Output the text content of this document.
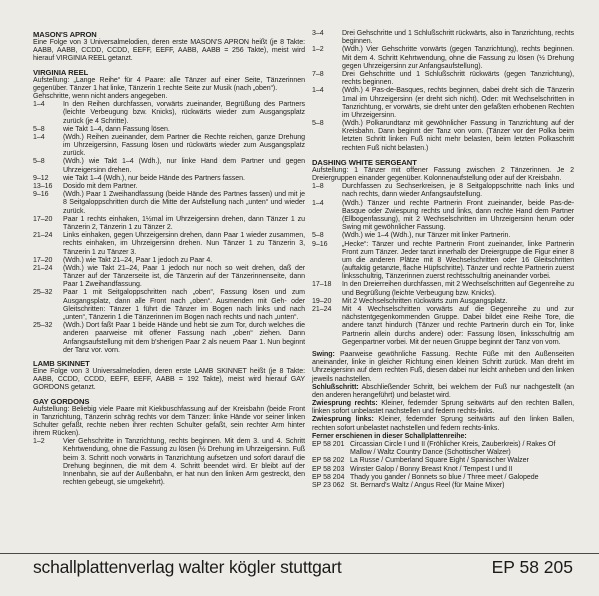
MASON'S APRON
Eine Folge von 3 Universalmelodien, deren erste MASON'S APRON heißt (je 8 Takte: AABB, AABB, CCDD, CCDD, EEFF, EEFF, AABB, AABB = 256 Takte), meist wird hierauf VIRGINIA REEL getanzt.
VIRGINIA REEL
Aufstellung: „Lange Reihe“ für 4 Paare: alle Tänzer auf einer Seite, Tänzerinnen gegenüber. Tänzer 1 hat linke, Tänzerin 1 rechte Seite zur Musik (nach „oben“).
Gehschritte, wenn nicht anders angegeben.
1–4	In den Reihen durchfassen, vorwärts zueinander, Begrüßung des Partners (leichte Verbeugung bzw. Knicks), rückwärts wieder zum Ausgangsplatz zurück (je 4 Schritte).
5–8	wie Takt 1–4, dann Fassung lösen.
1–4	(Wdh.) Reihen zueinander, dem Partner die Rechte reichen, ganze Drehung im Uhrzeigersinn, Fassung lösen und rückwärts wieder zum Ausgangsplatz zurück.
5–8	(Wdh.) wie Takt 1–4 (Wdh.), nur linke Hand dem Partner und gegen Uhrzeigersinn drehen.
9–12	wie Takt 1–4 (Wdh.), nur beide Hände des Partners fassen.
13–16	Dosido mit dem Partner.
9–16	(Wdh.) Paar 1 Zweihandfassung (beide Hände des Partnes fassen) und mit je 8 Seitgaloppschritten durch die Mitte der Aufstellung nach „unten“ und wieder zurück.
17–20	Paar 1 rechts einhaken, 1½mal im Uhrzeigersinn drehen, dann Tänzer 1 zu Tänzerin 2, Tänzerin 1 zu Tänzer 2.
21–24	Links einhaken, gegen Uhrzeigersinn drehen, dann Paar 1 wieder zusammen, rechts einhaken, im Uhrzeigersinn drehen. Nun Tänzer 1 zu Tänzerin 3, Tänzerin 1 zu Tänzer 3.
17–20	(Wdh.) wie Takt 21–24, Paar 1 jedoch zu Paar 4.
21–24	(Wdh.) wie Takt 21–24, Paar 1 jedoch nur noch so weit drehen, daß der Tänzer auf der Tänzerseite ist, die Tänzerin auf der Tänzerinnenseite, dann Paar 1 Zweihandfassung.
25–32	Paar 1 mit Seitgaloppschritten nach „oben“, Fassung lösen und zum Ausgangsplatz, dann alle Front nach „oben“. Ausmenden mit Geh- oder Gleitschritten: Tänzer 1 führt die Tänzer im Bogen nach links und nach „unten“, Tänzerin 1 die Tänzerinnen im Bogen nach rechts und nach „unten“.
25–32	(Wdh.) Dort faßt Paar 1 beide Hände und hebt sie zum Tor, durch welches die anderen paarweise mit offener Fassung nach „oben“ ziehen. Dann Anfangsaufstellung mit dem b'sherigen Paar 2 als neuem Paar 1. Nun beginnt der Tanz vor. vorn.
LAMB SKINNET
Eine Folge von 3 Universalmelodien, deren erste LAMB SKINNET heißt (je 8 Takte: AABB, CCDD, CCDD, EEFF, EEFF, AABB = 192 Takte), meist wird hierauf GAY GORDONS getanzt.
GAY GORDONS
Aufstellung: Beliebig viele Paare mit Kiekbuschfassung auf der Kreisbahn (beide Front in Tanzrichtung, Tänzerin schräg rechts vor dem Tänzer: linke Hände vor seiner linken Schulter gefaßt, rechte neben ihrer rechten Schulter gefaßt, sein rechter Arm hinter ihrem Rücken).
1–2	Vier Gehschritte in Tanzrichtung, rechts beginnen. Mit dem 3. und 4. Schritt Kehrtwendung, ohne die Fassung zu lösen (½ Drehung im Uhrzeigersinn. Fuß beim 3. Schritt noch vorwärts in Tanzrichtung aufsetzen und sofort darauf die Drehung beginnen, die mit dem 4. Schritt beendet wird. Er bleibt auf der Innenbahn, sie auf der Außenbahn, er hat nun den linken Arm gestreckt, den rechten gebeugt, sie umgekehrt).
3–4	Drei Gehschritte und 1 Schlußschritt rückwärts, also in Tanzrichtung, rechts beginnen.
1–2	(Wdh.) Vier Gehschritte vorwärts (gegen Tanzrichtung), rechts beginnen. Mit dem 4. Schritt Kehrtwendung, ohne die Fassung zu lösen (½ Drehung gegen Uhrzeigersinn zur Anfangsaufstellung).
7–8	Drei Gehschritte und 1 Schlußschritt rückwärts (gegen Tanzrichtung), rechts beginnen.
1–4	(Wdh.) 4 Pas-de-Basques, rechts beginnen, dabei dreht sich die Tänzerin 1mal im Uhrzeigersinn (er dreht sich nicht). Oder: mit Wechselschritten in Tanzrichtung, er vorwärts, sie dreht unter den gefaßten erhobenen Rechten im Uhrzeigersinn.
5–8	(Wdh.) Polkarundtanz mit gewöhnlicher Fassung in Tanzrichtung auf der Kreisbahn. Dann beginnt der Tanz von vorn. (Tänzer vor der Polka beim letzten Schritt linken Fuß nicht mehr belasten, beim letzten Polkaschritt rechten Fuß nicht belasten.)
DASHING WHITE SERGEANT
Aufstellung: 1 Tänzer mit offener Fassung zwischen 2 Tänzerinnen. Je 2 Dreiergruppen einander gegenüber. Kolonnenaufstellung oder auf der Kreisbahn.
1–8	Durchfassen zu Sechserkreisen, je 8 Seitgaloppschritte nach links und nach rechts, dann wieder Anfangsaufstellung.
1–4	(Wdh.) Tänzer und rechte Partnerin Front zueinander, beide Pas-de-Basque oder Zwiespung rechts und links, dann rechte Hand dem Partner (Ellbogenfassung), mit 2 Wechselschritten im Uhrzeigersinn herum oder Swing mit gewöhnlicher Fassung.
5–8	(Wdh.) wie 1–4 (Wdh.), nur Tänzer mit linker Partnerin.
9–16	„Hecke“: Tänzer und rechte Partnerin Front zueinander, linke Partnerin Front zum Tänzer. Jeder tanzt innerhalb der Dreiergruppe die Figur einer 8 um die anderen Plätze mit 8 Wechselschritten oder 16 Gleitschritten (auftaktig getanzte, flache Hüpfschritte). Tänzer und rechte Partnerin zuerst linksschultrig, Tänzerinnen zuerst rechtsschultrig aneinander vorbei.
17–18	In den Dreierreihen durchfassen, mit 2 Wechselschritten auf Gegenreihe zu und Begrüßung (leichte Verbeugung bzw. Knicks).
19–20	Mit 2 Wechselschritten rückwärts zum Ausgangsplatz.
21–24	Mit 4 Wechselschritten vorwärts auf die Gegenreihe zu und zur nächstentgegenkommenden Gruppe. Dabei bildet eine Reihe Tore, die andere tanzt hindurch (Tänzer und rechte Partnerin durch ein Tor, linke Partnerin allein durchs andere) oder: Fassung lösen, linksschultrig am Gegenpartner vorbei. Mit der neuen Gruppe beginnt der Tanz von vorn.
Swing: Paarweise gewöhnliche Fassung. Rechte Füße mit den Außenseiten aneinander, linke in gleicher Richtung einen kleinen Schritt zurück. Man dreht im Uhrzeigersinn auf dem rechten Fuß, diesen dabei nur leicht anheben und den linken jeweils nachstellen.
Schlußschritt: Abschließender Schritt, bei welchem der Fuß nur nachgestellt (an den anderen herangeführt) und belastet wird.
Zwiesprung rechts: Kleiner, federnder Sprung seitwärts auf den rechten Ballen, linken sofort unbelastet nachstellen und federn rechts-links.
Zwiesprung links: Kleiner, federnder Sprung seitwärts auf den linken Ballen, rechten sofort unbelastet nachstellen und federn rechts-links.
Ferner erschienen in dieser Schallplattenreihe:
EP 58 201 Circassian Circle I und II (Fröhlicher Kreis, Zauberkreis) / Rakes Of Mallow / Waltz Country Dance (Schottischer Walzer)
EP 58 202 La Russe / Cumberland Square Eight / Spanischer Walzer
EP 58 203 Winster Galop / Bonny Breast Knot / Tempest I und II
EP 58 204 Thady you gander / Bonnets so blue / Three meet / Galopede
SP 23 062 St. Bernard's Waltz / Angus Reel (für Maine Mixer)
schallplattenverlag walter kögler stuttgart	EP 58 205
